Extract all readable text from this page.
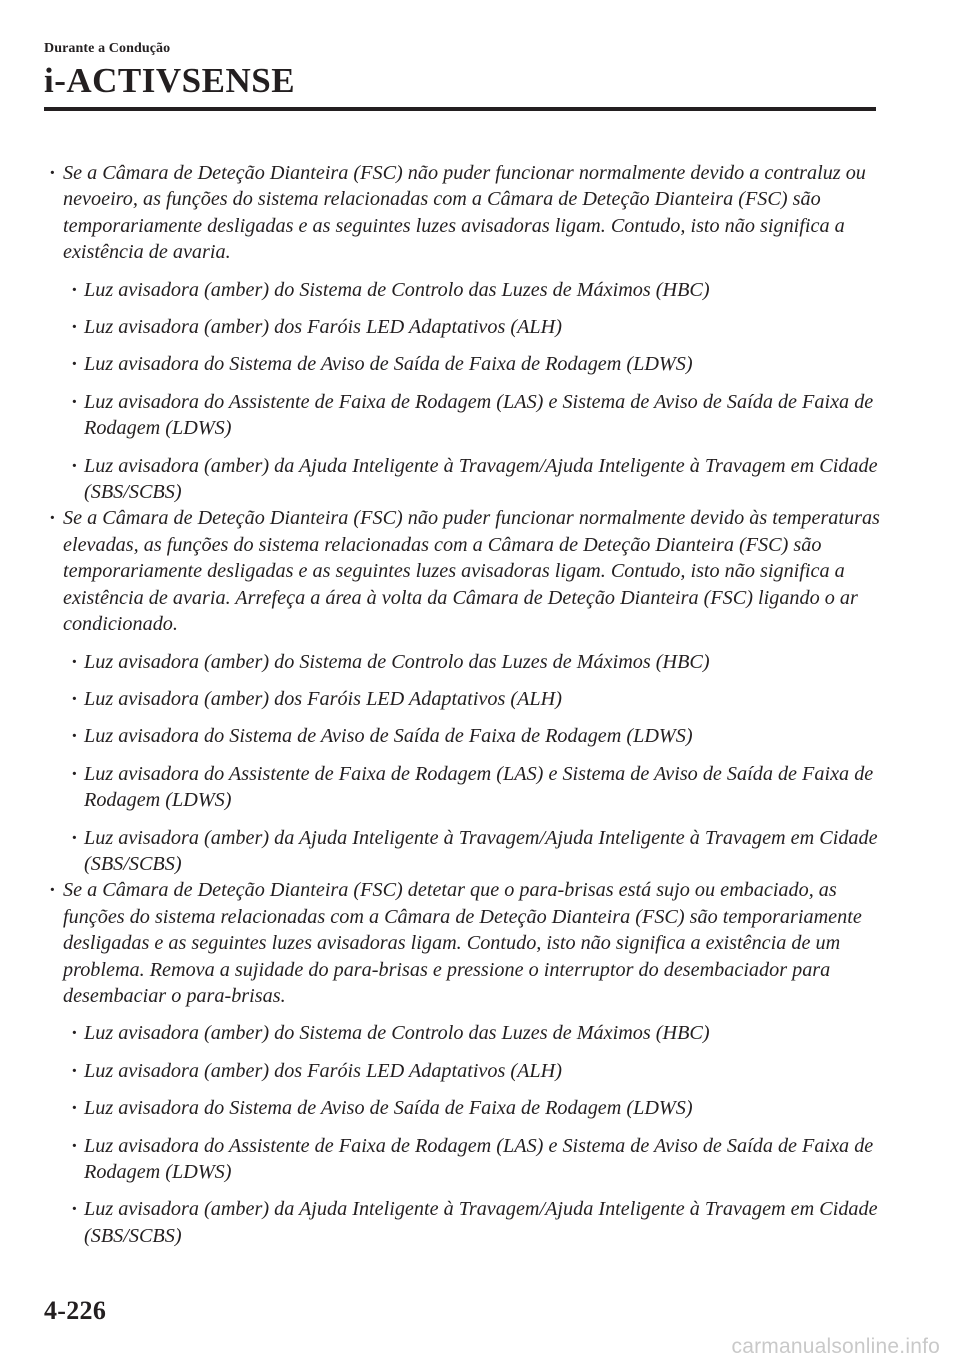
Durante a Condução
i-ACTIVSENSE
· Se a Câmara de Deteção Dianteira (FSC) não puder funcionar normalmente devido a contraluz ou nevoeiro, as funções do sistema relacionadas com a Câmara de Deteção Dianteira (FSC) são temporariamente desligadas e as seguintes luzes avisadoras ligam. Contudo, isto não significa a existência de avaria.
· Luz avisadora (amber) do Sistema de Controlo das Luzes de Máximos (HBC)
· Luz avisadora (amber) dos Faróis LED Adaptativos (ALH)
· Luz avisadora do Sistema de Aviso de Saída de Faixa de Rodagem (LDWS)
· Luz avisadora do Assistente de Faixa de Rodagem (LAS) e Sistema de Aviso de Saída de Faixa de Rodagem (LDWS)
· Luz avisadora (amber) da Ajuda Inteligente à Travagem/Ajuda Inteligente à Travagem em Cidade (SBS/SCBS)
· Se a Câmara de Deteção Dianteira (FSC) não puder funcionar normalmente devido às temperaturas elevadas, as funções do sistema relacionadas com a Câmara de Deteção Dianteira (FSC) são temporariamente desligadas e as seguintes luzes avisadoras ligam. Contudo, isto não significa a existência de avaria. Arrefeça a área à volta da Câmara de Deteção Dianteira (FSC) ligando o ar condicionado.
· Luz avisadora (amber) do Sistema de Controlo das Luzes de Máximos (HBC)
· Luz avisadora (amber) dos Faróis LED Adaptativos (ALH)
· Luz avisadora do Sistema de Aviso de Saída de Faixa de Rodagem (LDWS)
· Luz avisadora do Assistente de Faixa de Rodagem (LAS) e Sistema de Aviso de Saída de Faixa de Rodagem (LDWS)
· Luz avisadora (amber) da Ajuda Inteligente à Travagem/Ajuda Inteligente à Travagem em Cidade (SBS/SCBS)
· Se a Câmara de Deteção Dianteira (FSC) detetar que o para-brisas está sujo ou embaciado, as funções do sistema relacionadas com a Câmara de Deteção Dianteira (FSC) são temporariamente desligadas e as seguintes luzes avisadoras ligam. Contudo, isto não significa a existência de um problema. Remova a sujidade do para-brisas e pressione o interruptor do desembaciador para desembaciar o para-brisas.
· Luz avisadora (amber) do Sistema de Controlo das Luzes de Máximos (HBC)
· Luz avisadora (amber) dos Faróis LED Adaptativos (ALH)
· Luz avisadora do Sistema de Aviso de Saída de Faixa de Rodagem (LDWS)
· Luz avisadora do Assistente de Faixa de Rodagem (LAS) e Sistema de Aviso de Saída de Faixa de Rodagem (LDWS)
· Luz avisadora (amber) da Ajuda Inteligente à Travagem/Ajuda Inteligente à Travagem em Cidade (SBS/SCBS)
4-226
carmanualsonline.info
